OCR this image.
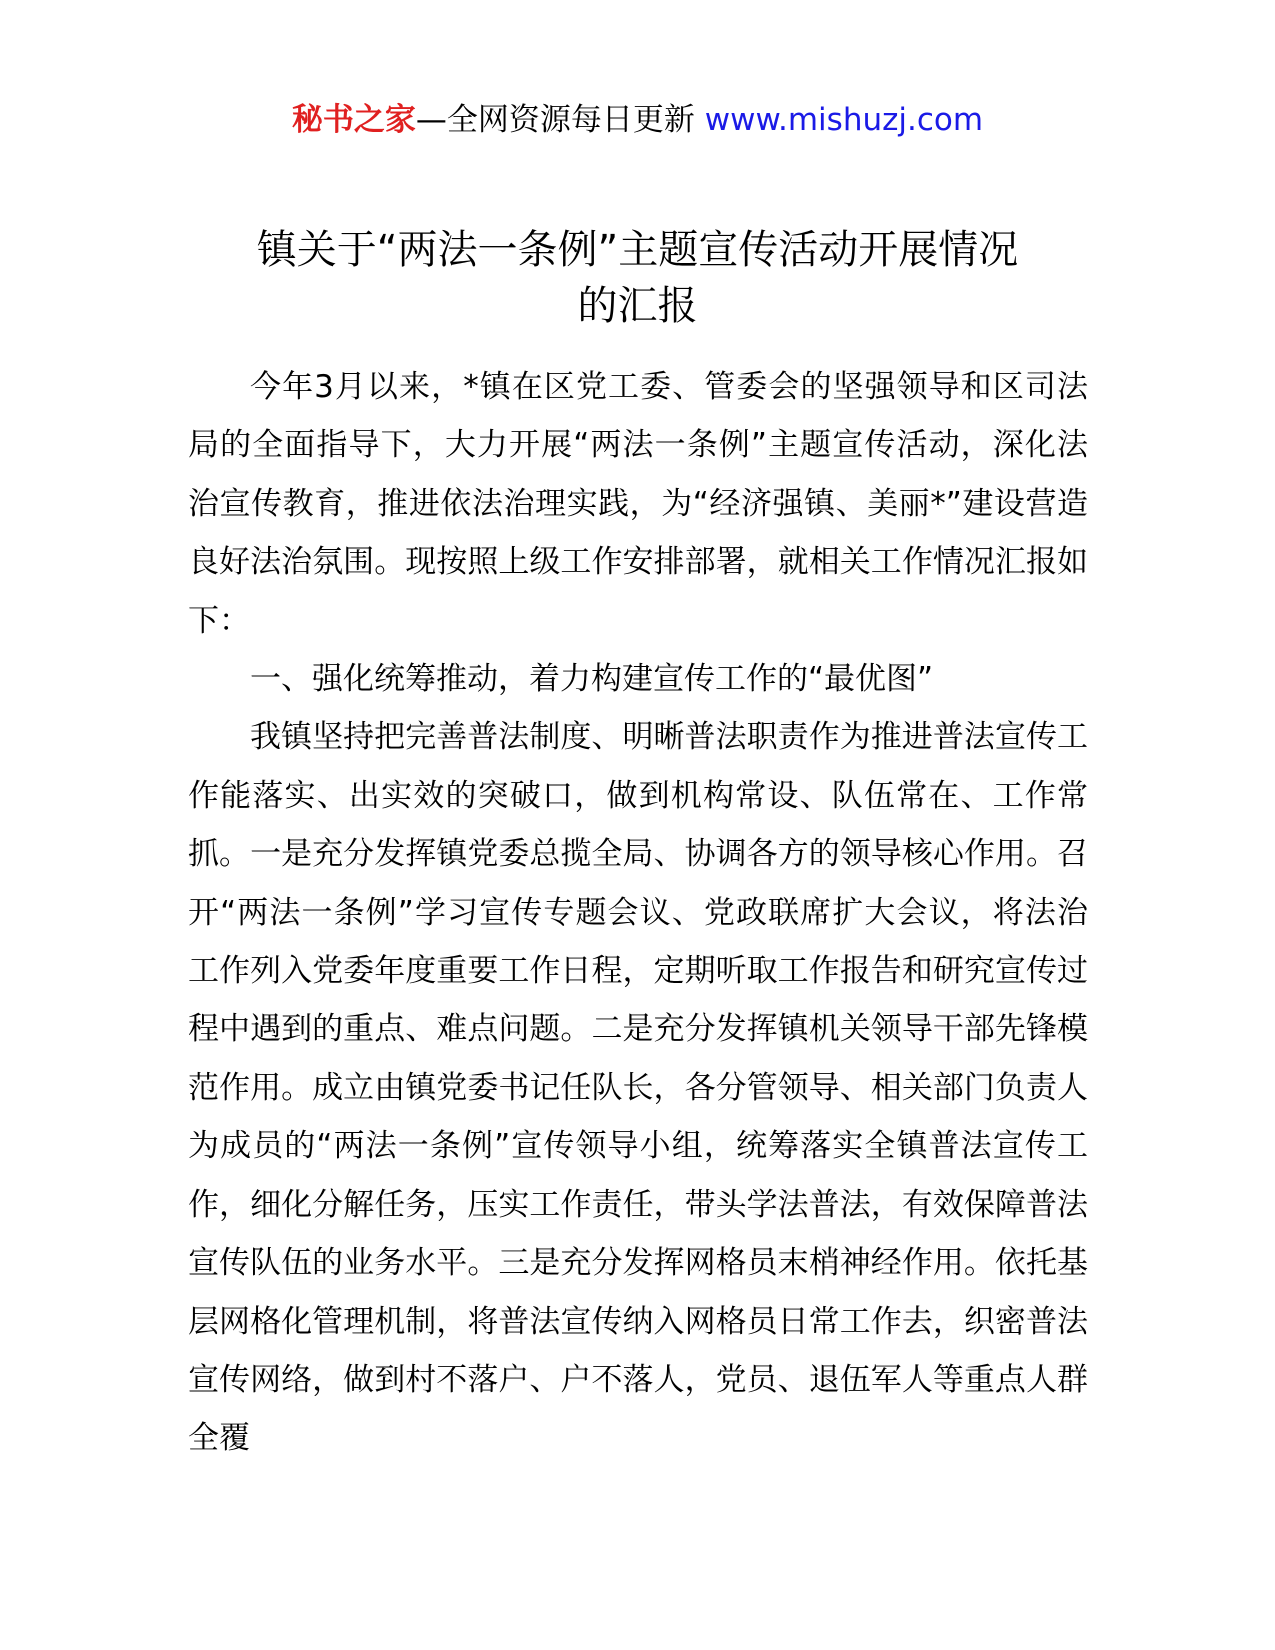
秘书之家—全网资源每日更新 www.mishuzj.com
镇关于“两法一条例”主题宣传活动开展情况
的汇报

今年3月以来，*镇在区党工委、管委会的坚强领导和区司法局的全面指导下，大力开展“两法一条例”主题宣传活动，深化法治宣传教育，推进依法治理实践，为“经济强镇、美丽*”建设营造良好法治氛围。现按照上级工作安排部署，就相关工作情况汇报如下：

一、强化统筹推动，着力构建宣传工作的“最优图”

我镇坚持把完善普法制度、明晰普法职责作为推进普法宣传工作能落实、出实效的突破口，做到机构常设、队伍常在、工作常抓。一是充分发挥镇党委总揽全局、协调各方的领导核心作用。召开“两法一条例”学习宣传专题会议、党政联席扩大会议，将法治工作列入党委年度重要工作日程，定期听取工作报告和研究宣传过程中遇到的重点、难点问题。二是充分发挥镇机关领导干部先锋模范作用。成立由镇党委书记任队长，各分管领导、相关部门负责人为成员的“两法一条例”宣传领导小组，统筹落实全镇普法宣传工作，细化分解任务，压实工作责任，带头学法普法，有效保障普法宣传队伍的业务水平。三是充分发挥网格员末梢神经作用。依托基层网格化管理机制，将普法宣传纳入网格员日常工作去，织密普法宣传网络，做到村不落户、户不落人，党员、退伍军人等重点人群全覆
